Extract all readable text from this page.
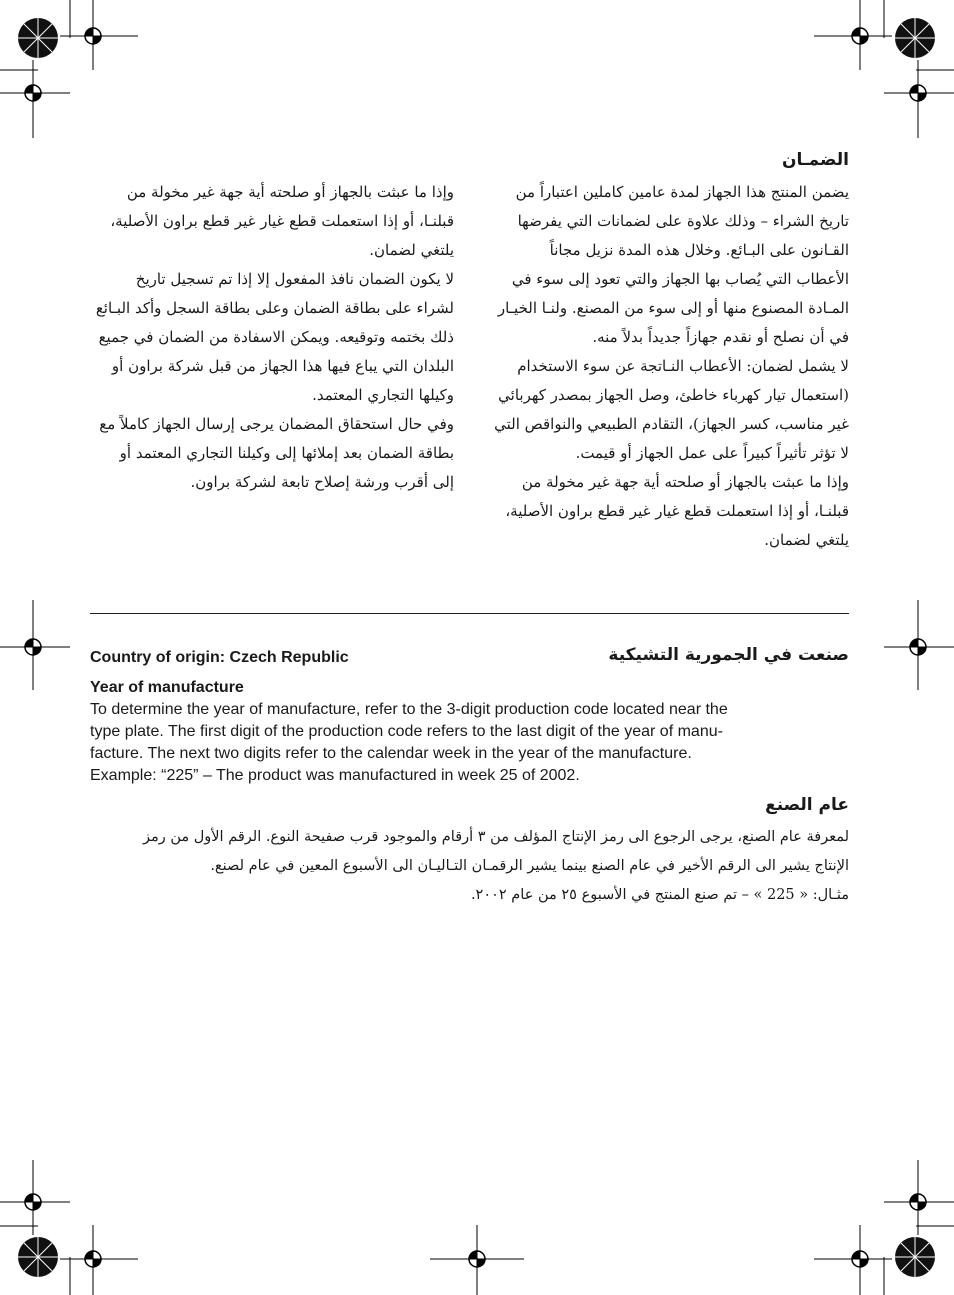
الضمـان

يضمن المنتج هذا الجهاز لمدة عامين كاملين اعتباراً من تاريخ الشراء – وذلك علاوة على لضمانات التي يفرضها القـانون على البـائع. وخلال هذه المدة نزيل مجاناً الأعطاب التي يُصاب بها الجهاز والتي تعود إلى سوء في المـادة المصنوع منها أو إلى سوء من المصنع. ولنـا الخيـار في أن نصلح أو نقدم جهازاً جديداً بدلاً منه.

لا يشمل لضمان: الأعطاب النـاتجة عن سوء الاستخدام (استعمال تيار كهرباء خاطئ، وصل الجهاز بمصدر كهربائي غير مناسب، كسر الجهاز)، التقادم الطبيعي والنواقص التي لا تؤثر تأثيراً كبيراً على عمل الجهاز أو قيمت.

وإذا ما عبثت بالجهاز أو صلحته أية جهة غير مخولة من قبلنـا، أو إذا استعملت قطع غيار غير قطع براون الأصلية، يلتغي لضمان.

وإذا ما عبثت بالجهاز أو صلحته أية جهة غير مخولة من قبلنـا، أو إذا استعملت قطع غيار غير قطع براون الأصلية، يلتغي لضمان.

لا يكون الضمان نافذ المفعول إلا إذا تم تسجيل تاريخ لشراء على بطاقة الضمان وعلى بطاقة السجل وأكد البـائع ذلك بختمه وتوقيعه. ويمكن الاسفادة من الضمان في جميع البلدان التي يباع فيها هذا الجهاز من قبل شركة براون أو وكيلها التجاري المعتمد.

وفي حال استحقاق المضمان يرجى إرسال الجهاز كاملاً مع بطاقة الضمان بعد إملائها إلى وكيلنا التجاري المعتمد أو إلى أقرب ورشة إصلاح تابعة لشركة براون.

Country of origin: Czech Republic	صنعت في الجمورية التشيكية
Year of manufacture
To determine the year of manufacture, refer to the 3-digit production code located near the
type plate. The first digit of the production code refers to the last digit of the year of manu-
facture. The next two digits refer to the calendar week in the year of the manufacture.
Example: “225” – The product was manufactured in week 25 of 2002.
عام الصنع

لمعرفة عام الصنع، يرجى الرجوع الى رمز الإنتاج المؤلف من ٣ أرقام والموجود قرب صفيحة النوع. الرقم الأول من رمز

الإنتاج يشير الى الرقم الأخير في عام الصنع بينما يشير الرقمـان التـاليـان الى الأسبوع المعين في عام لصنع.

مثـال: « 225 » – تم صنع المنتج في الأسبوع ٢٥ من عام ٢٠٠٢.
